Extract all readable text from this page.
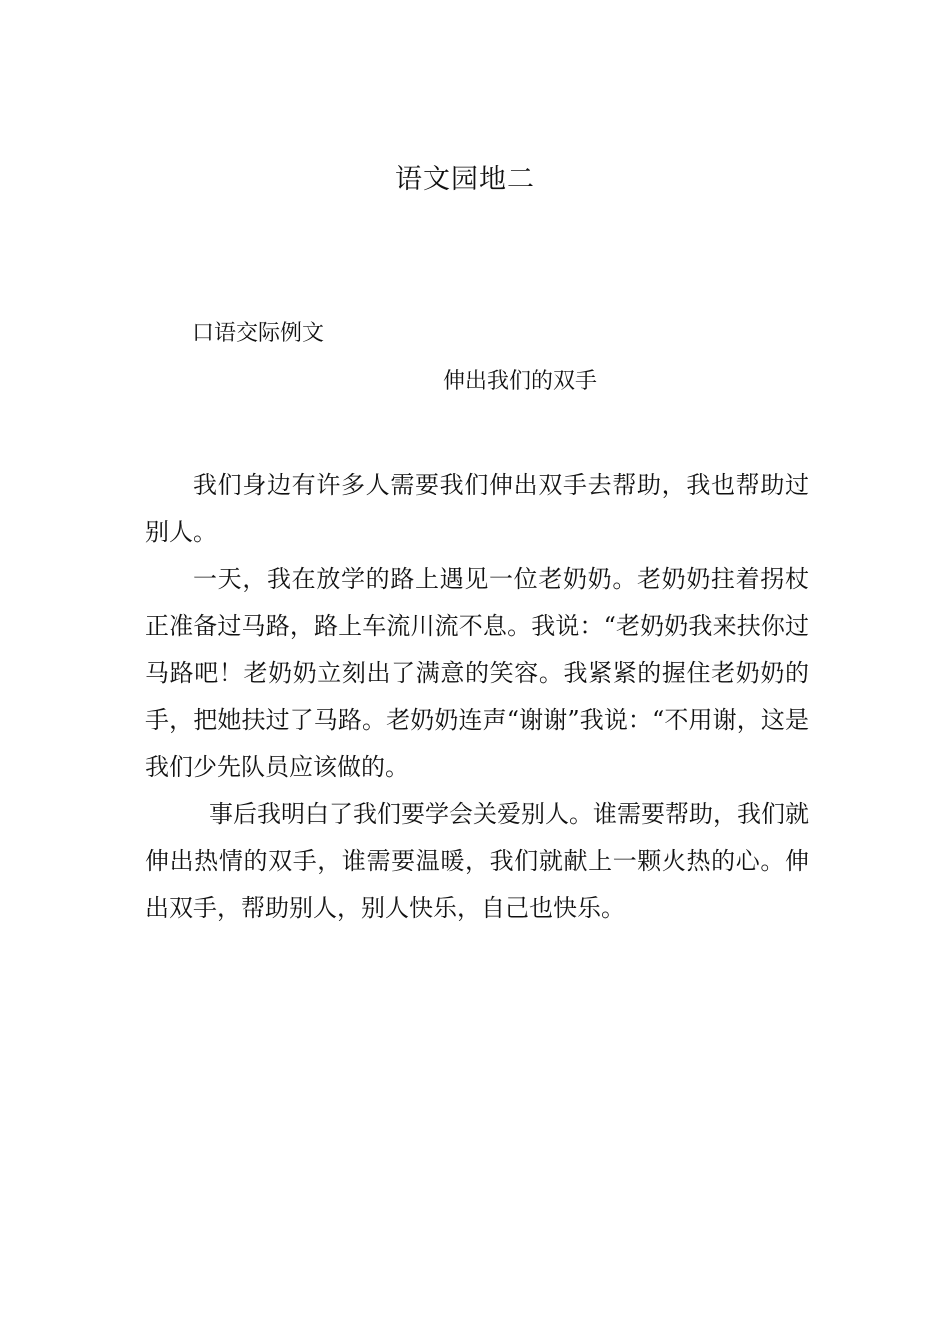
语文园地二
口语交际例文
伸出我们的双手

我们身边有许多人需要我们伸出双手去帮助，我也帮助过别人。

一天，我在放学的路上遇见一位老奶奶。老奶奶拄着拐杖正准备过马路，路上车流川流不息。我说：“老奶奶我来扶你过马路吧！老奶奶立刻出了满意的笑容。我紧紧的握住老奶奶的手，把她扶过了马路。老奶奶连声“谢谢”我说：“不用谢，这是我们少先队员应该做的。

事后我明白了我们要学会关爱别人。谁需要帮助，我们就伸出热情的双手，谁需要温暖，我们就献上一颗火热的心。伸出双手，帮助别人，别人快乐，自己也快乐。
